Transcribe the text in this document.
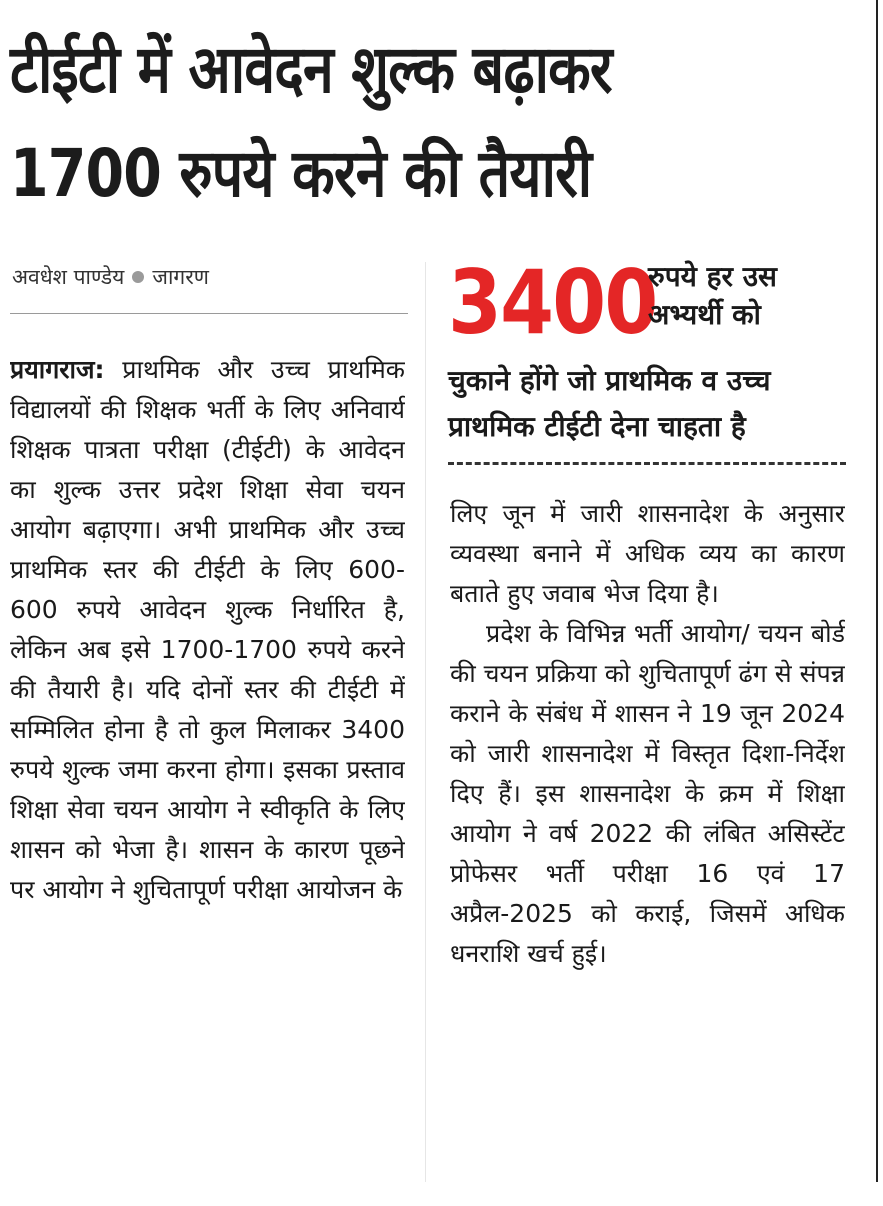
टीईटी में आवेदन शुल्क बढ़ाकर
1700 रुपये करने की तैयारी
अवधेश पाण्डेय जागरण

प्रयागराज: प्राथमिक और उच्च प्राथमिक विद्यालयों की शिक्षक भर्ती के लिए अनिवार्य शिक्षक पात्रता परीक्षा (टीईटी) के आवेदन का शुल्क उत्तर प्रदेश शिक्षा सेवा चयन आयोग बढ़ाएगा। अभी प्राथमिक और उच्च प्राथमिक स्तर की टीईटी के लिए 600-600 रुपये आवेदन शुल्क निर्धारित है, लेकिन अब इसे 1700-1700 रुपये करने की तैयारी है। यदि दोनों स्तर की टीईटी में सम्मिलित होना है तो कुल मिलाकर 3400 रुपये शुल्क जमा करना होगा। इसका प्रस्ताव शिक्षा सेवा चयन आयोग ने स्वीकृति के लिए शासन को भेजा है। शासन के कारण पूछने पर आयोग ने शुचितापूर्ण परीक्षा आयोजन के

3400
रुपये हर उस अभ्यर्थी को
चुकाने होंगे जो प्राथमिक व उच्च प्राथमिक टीईटी देना चाहता है

लिए जून में जारी शासनादेश के अनुसार व्यवस्था बनाने में अधिक व्यय का कारण बताते हुए जवाब भेज दिया है।

प्रदेश के विभिन्न भर्ती आयोग/ चयन बोर्ड की चयन प्रक्रिया को शुचितापूर्ण ढंग से संपन्न कराने के संबंध में शासन ने 19 जून 2024 को जारी शासनादेश में विस्तृत दिशा-निर्देश दिए हैं। इस शासनादेश के क्रम में शिक्षा आयोग ने वर्ष 2022 की लंबित असिस्टेंट प्रोफेसर भर्ती परीक्षा 16 एवं 17 अप्रैल-2025 को कराई, जिसमें अधिक धनराशि खर्च हुई।
